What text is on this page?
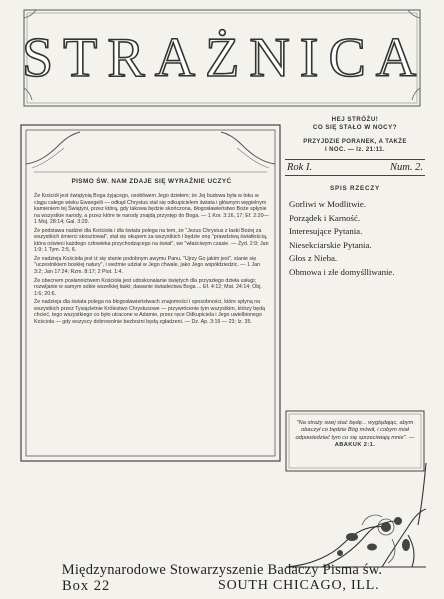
STRAŻNICA
PISMO ŚW. NAM ZDAJE SIĘ WYRAŹNIE UCZYĆ

Że Kościół jest świątynią Boga żyjącego, osobliwem Jego dziełem; że Jej budowa była w toku w ciągu całego wieku Ewangelii — odkąd Chrystus stał się odkupicielem świata i głównym węgielnym kamieniem tej Świątyni, przez którą, gdy takowa będzie skończona, błogosławieństwo Boże spłynie na wszystkie narody, a przez które te narody znajdą przystęp do Boga. — 1 Kor. 3:16, 17; Ef. 2:20—1 Moj. 28:14; Gal. 3:29.

Że podstawa nadziei dla Kościoła i dla świata polega na tem, że "Jezus Chrystus z łaski Bożej za wszystkich śmierci skosztował", stał się okupem za wszystkich i będzie onę "prawdziwą światłością, która oświeci każdego człowieka przychodzącego na świat", we "właściwym czasie. — Żyd. 2:9; Jan 1:9; 1 Tym. 2:5, 6.

Że nadzieja Kościoła jest iż się stanie podobnym awymu Panu, "Ujrzy Go jakim jest", stanie się "uczestnikiem boskiej natury", i weźmie udział w Jego chwale, jako Jego współdziedzic. — 1 Jan 3:2; Jan 17:24; Rzm. 8:17; 2 Piot. 1:4.

Że obecnem posłannictwem Kościoła jest udoskonalanie świętych dla przyszłego dzieła usługi; rozwijanie w samym sobie wszelkiej łaski; dawanie świadectwa Boga ... Ef. 4:12; Mat. 24:14; Obj. 1:6; 20:6.

Że nadzieja dla świata polega na błogosławieństwach znajomości i sposobności, które spłyną na wszystkich przez Tysiącletnie Królestwo Chrystusowe — przywrócenie tym wszystkim, którzy będą chcieć, tego wszystkiego co było utracone w Adamie, przez ręce Odkupiciela i Jego uwielbionego Kościoła — gdy wszyscy dobrowolnie bezbożni będą zgładzeni. — Dz. Ap. 3:19 — 23; Iz. 35.

HEJ STRÓŻU!
CO SIĘ STAŁO W NOCY?
PRZYJDZIE PORANEK, A TAKŻE
I NOC. — Iz. 21:11.
Rok I.	Num. 2.
SPIS RZECZY
Gorliwi w Modlitwie.
Porządek i Karność.
Interesujące Pytania.
Niesekciarskie Pytania.
Głos z Nieba.
Obmowa i złe domyślliwanie.
"Na straży swej stać będę... wyglądając, abym obaczył co będzie Bóg mówił, i cobym miał odpowiedzieć tym co się sprzeciwiają mnie". —
ABAKUK 2:1.
Międzynarodowe Stowarzyszenie Badaczy Pisma św.
Box 22	SOUTH CHICAGO, ILL.
